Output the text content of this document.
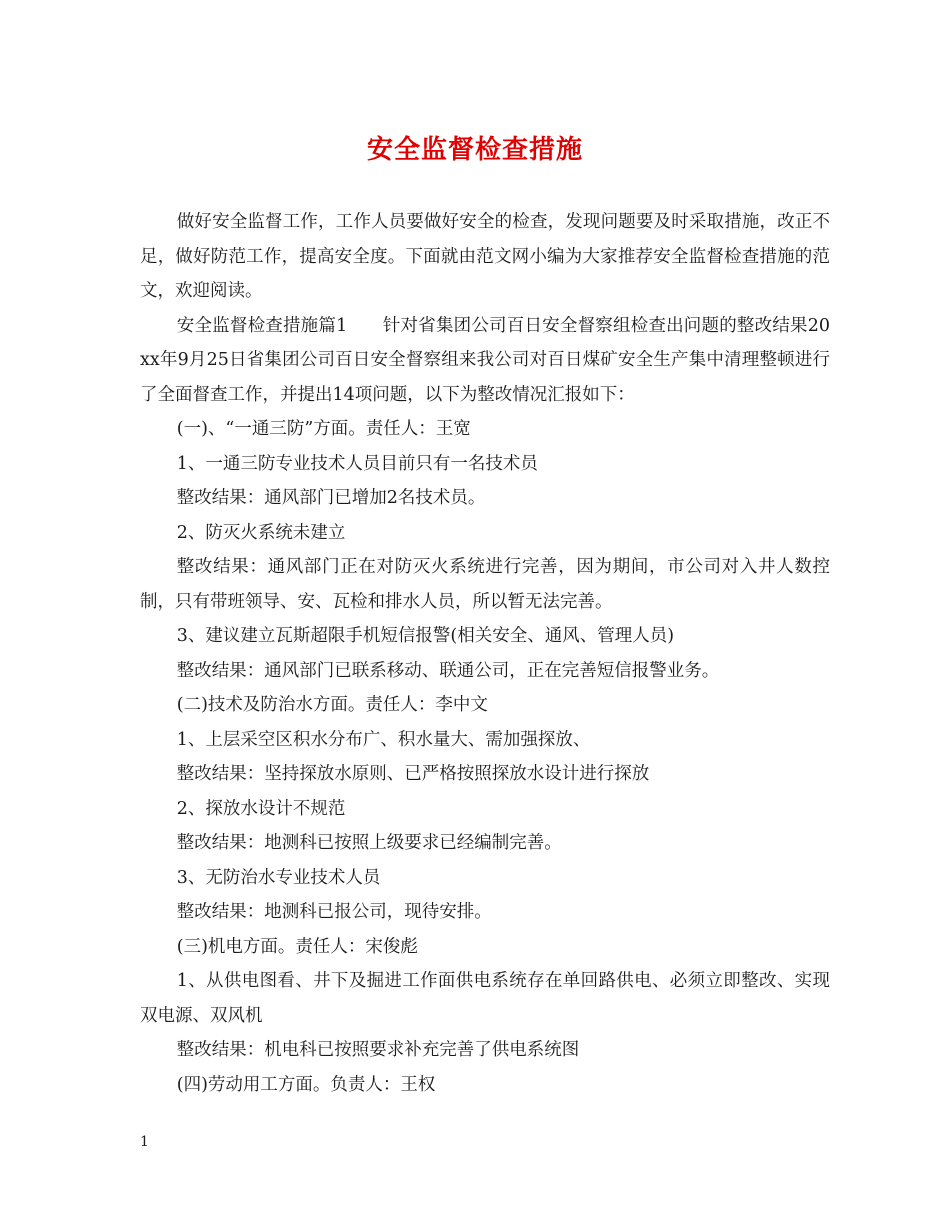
安全监督检查措施

做好安全监督工作，工作人员要做好安全的检查，发现问题要及时采取措施，改正不足，做好防范工作，提高安全度。下面就由范文网小编为大家推荐安全监督检查措施的范文，欢迎阅读。

安全监督检查措施篇1　　针对省集团公司百日安全督察组检查出问题的整改结果20xx年9月25日省集团公司百日安全督察组来我公司对百日煤矿安全生产集中清理整顿进行了全面督查工作，并提出14项问题，以下为整改情况汇报如下：

(一)、“一通三防”方面。责任人：王宽

1、一通三防专业技术人员目前只有一名技术员

整改结果：通风部门已增加2名技术员。

2、防灭火系统未建立

整改结果：通风部门正在对防灭火系统进行完善，因为期间，市公司对入井人数控制，只有带班领导、安、瓦检和排水人员，所以暂无法完善。

3、建议建立瓦斯超限手机短信报警(相关安全、通风、管理人员)

整改结果：通风部门已联系移动、联通公司，正在完善短信报警业务。

(二)技术及防治水方面。责任人：李中文

1、上层采空区积水分布广、积水量大、需加强探放、

整改结果：坚持探放水原则、已严格按照探放水设计进行探放

2、探放水设计不规范

整改结果：地测科已按照上级要求已经编制完善。

3、无防治水专业技术人员

整改结果：地测科已报公司，现待安排。

(三)机电方面。责任人：宋俊彪

1、从供电图看、井下及掘进工作面供电系统存在单回路供电、必须立即整改、实现双电源、双风机

整改结果：机电科已按照要求补充完善了供电系统图

(四)劳动用工方面。负责人：王权

1
